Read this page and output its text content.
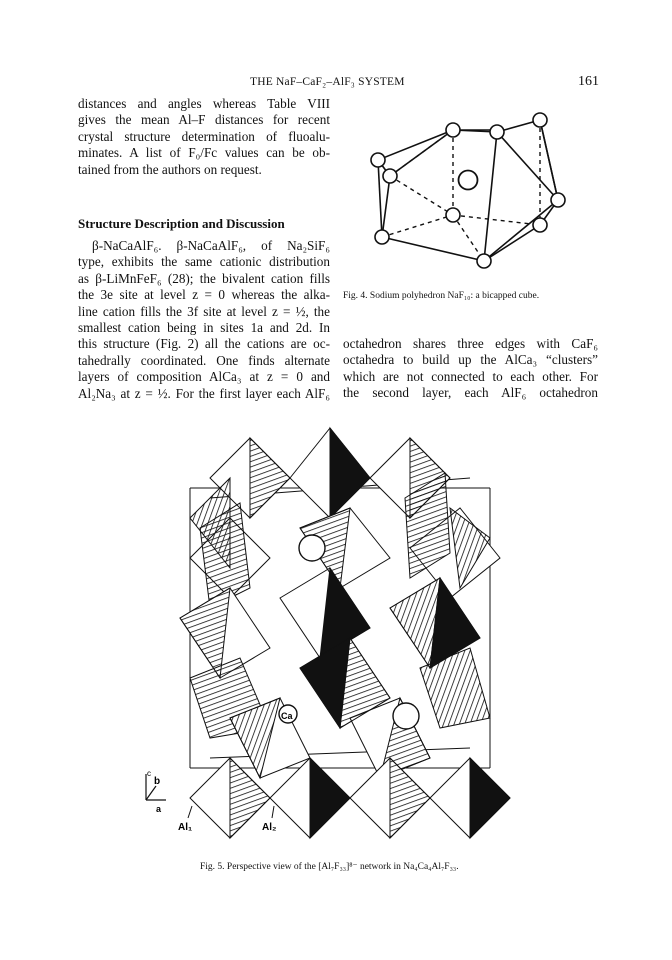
THE NaF–CaF₂–AlF₃ SYSTEM	161
distances and angles whereas Table VIII
gives the mean Al–F distances for recent
crystal structure determination of fluoalu-
minates. A list of F₀/Fc values can be ob-
tained from the authors on request.
Structure Description and Discussion
β-NaCaAlF₆. β-NaCaAlF₆, of Na₂SiF₆
type, exhibits the same cationic distribution
as β-LiMnFeF₆ (28); the bivalent cation fills
the 3e site at level z = 0 whereas the alka-
line cation fills the 3f site at level z = ½, the
smallest cation being in sites 1a and 2d. In
this structure (Fig. 2) all the cations are oc-
tahedrally coordinated. One finds alternate
layers of composition AlCa₃ at z = 0 and
Al₂Na₃ at z = ½. For the first layer each AlF₆
octahedron shares three edges with CaF₆
octahedra to build up the AlCa₃ “clusters”
which are not connected to each other. For
the second layer, each AlF₆ octahedron
Fig. 4. Sodium polyhedron NaF₁₀: a bicapped cube.
Ca
Al₁	Al₂
c
b
a
Fig. 5. Perspective view of the [Al₇F₃₃]⁸⁻ network in Na₄Ca₄Al₇F₃₃.
